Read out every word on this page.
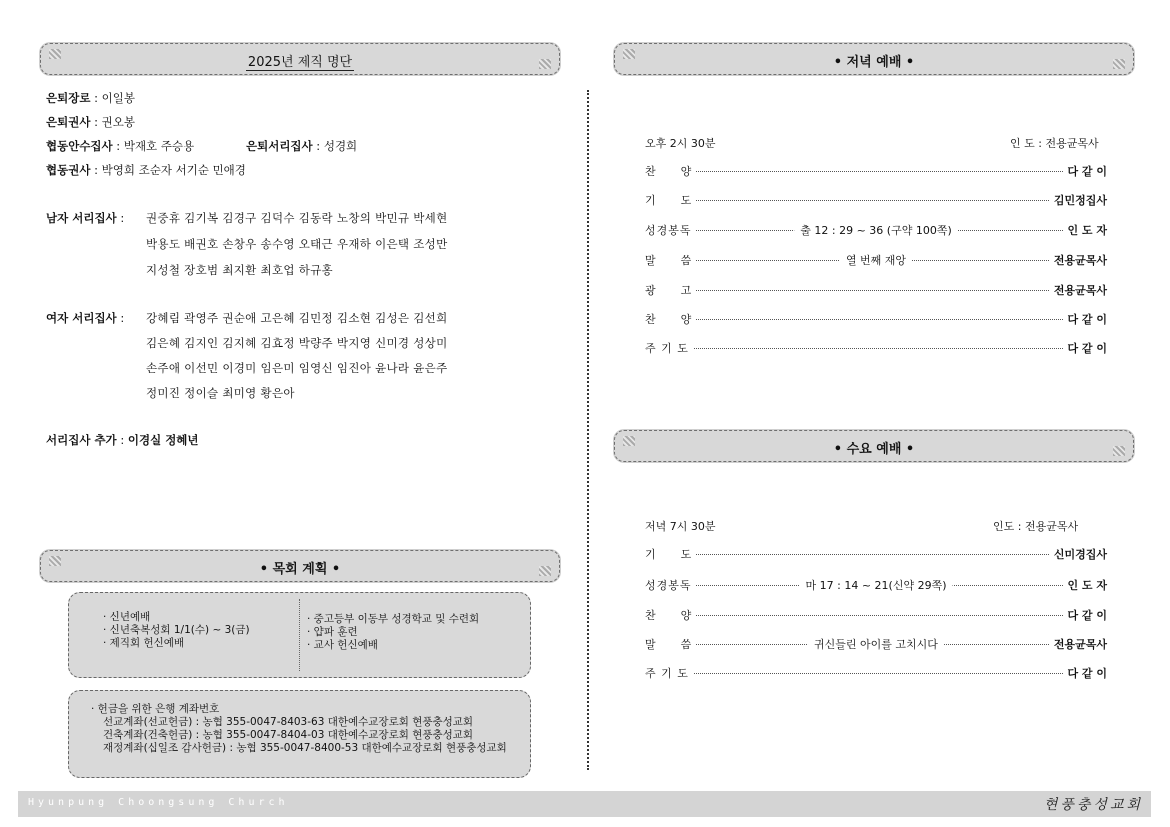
2025년 제직 명단
은퇴장로 : 이일봉
은퇴권사 : 권오봉
협동안수집사 : 박재호 주승용	은퇴서리집사 : 성경희
협동권사 : 박영희 조순자 서기순 민애경
남자 서리집사 : 권중휴 김기복 김경구 김덕수 김동락 노창의 박민규 박세현
박용도 배권호 손창우 송수영 오태근 우재하 이은택 조성만
지성철 장호범 최지환 최호업 하규홍
여자 서리집사 : 강혜림 곽영주 권순애 고은혜 김민정 김소현 김성은 김선희
김은혜 김지인 김지혜 김효정 박량주 박지영 신미경 성상미
손주애 이선민 이경미 임은미 임영신 임진아 윤나라 윤은주
정미진 정이슬 최미영 황은아
서리집사 추가 : 이경실 정혜년
• 목회 계획 •
· 신년예배
· 신년축복성회 1/1(수) ~ 3(금)
· 제직회 헌신예배
· 중고등부 이동부 성경학교 및 수련회
· 얍파 훈련
· 교사 헌신예배
· 헌금을 위한 은행 계좌번호
선교계좌(선교헌금) : 농협 355-0047-8403-63 대한예수교장로회 현풍충성교회
건축계좌(건축헌금) : 농협 355-0047-8404-03 대한예수교장로회 현풍충성교회
재정계좌(십일조 감사헌금) : 농협 355-0047-8400-53 대한예수교장로회 현풍충성교회
• 저녁 예배 •
오후 2시 30분	인 도 : 전용균목사
찬　　양	다 같 이
기　　도	김민정집사
성경봉독	출 12 : 29 ~ 36 (구약 100쪽)	인 도 자
말　　씀	열 번째 재앙	전용균목사
광　　고	전용균목사
찬　　양	다 같 이
주 기 도	다 같 이
• 수요 예배 •
저녁 7시 30분	인도 : 전용균목사
기　　도	신미경집사
성경봉독	마 17 : 14 ~ 21(신약 29쪽)	인 도 자
찬　　양	다 같 이
말　　씀	귀신들린 아이를 고치시다	전용균목사
주 기 도	다 같 이
Hyunpung Choongsung Church	현풍충성교회
